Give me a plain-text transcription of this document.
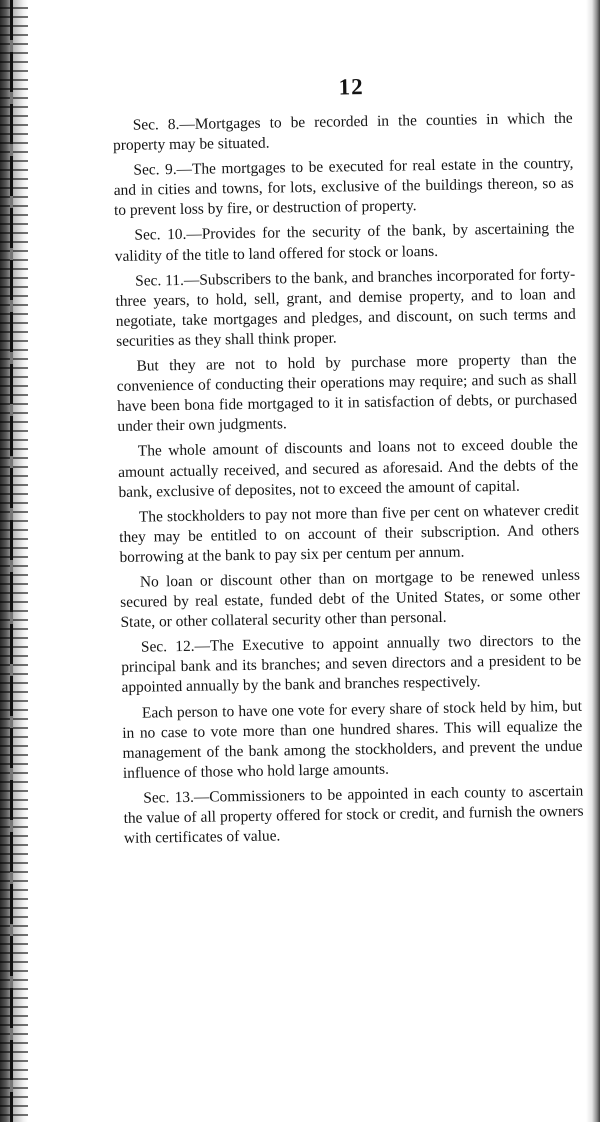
12

Sec. 8.—Mortgages to be recorded in the counties in which the property may be situated.

Sec. 9.—The mortgages to be executed for real estate in the country, and in cities and towns, for lots, exclusive of the buildings thereon, so as to prevent loss by fire, or destruction of property.

Sec. 10.—Provides for the security of the bank, by ascertaining the validity of the title to land offered for stock or loans.

Sec. 11.—Subscribers to the bank, and branches incorporated for forty-three years, to hold, sell, grant, and demise property, and to loan and negotiate, take mortgages and pledges, and discount, on such terms and securities as they shall think proper.

But they are not to hold by purchase more property than the convenience of conducting their operations may require; and such as shall have been bona fide mortgaged to it in satisfaction of debts, or purchased under their own judgments.

The whole amount of discounts and loans not to exceed double the amount actually received, and secured as aforesaid. And the debts of the bank, exclusive of deposites, not to exceed the amount of capital.

The stockholders to pay not more than five per cent on whatever credit they may be entitled to on account of their subscription. And others borrowing at the bank to pay six per centum per annum.

No loan or discount other than on mortgage to be renewed unless secured by real estate, funded debt of the United States, or some other State, or other collateral security other than personal.

Sec. 12.—The Executive to appoint annually two directors to the principal bank and its branches; and seven directors and a president to be appointed annually by the bank and branches respectively.

Each person to have one vote for every share of stock held by him, but in no case to vote more than one hundred shares. This will equalize the management of the bank among the stockholders, and prevent the undue influence of those who hold large amounts.

Sec. 13.—Commissioners to be appointed in each county to ascertain the value of all property offered for stock or credit, and furnish the owners with certificates of value.
